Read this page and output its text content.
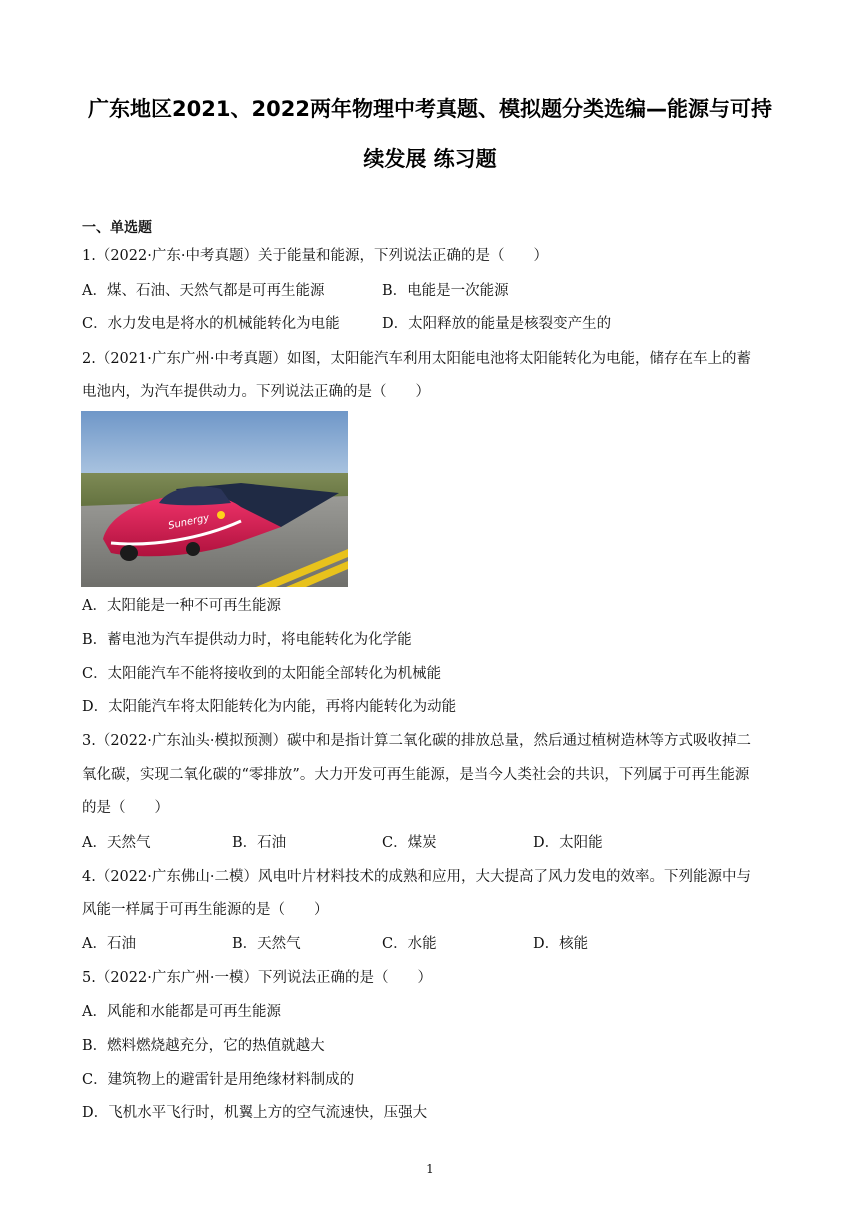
广东地区2021、2022两年物理中考真题、模拟题分类选编—能源与可持
续发展 练习题
一、单选题
1.（2022·广东·中考真题）关于能量和能源，下列说法正确的是（　　）
A．煤、石油、天然气都是可再生能源	B．电能是一次能源
C．水力发电是将水的机械能转化为电能	D．太阳释放的能量是核裂变产生的
2.（2021·广东广州·中考真题）如图，太阳能汽车利用太阳能电池将太阳能转化为电能，储存在车上的蓄
电池内，为汽车提供动力。下列说法正确的是（　　）
Sunergy
A．太阳能是一种不可再生能源
B．蓄电池为汽车提供动力时，将电能转化为化学能
C．太阳能汽车不能将接收到的太阳能全部转化为机械能
D．太阳能汽车将太阳能转化为内能，再将内能转化为动能
3.（2022·广东汕头·模拟预测）碳中和是指计算二氧化碳的排放总量，然后通过植树造林等方式吸收掉二
氧化碳，实现二氧化碳的“零排放”。大力开发可再生能源，是当今人类社会的共识，下列属于可再生能源
的是（　　）
A．天然气	B．石油	C．煤炭	D．太阳能
4.（2022·广东佛山·二模）风电叶片材料技术的成熟和应用，大大提高了风力发电的效率。下列能源中与
风能一样属于可再生能源的是（　　）
A．石油	B．天然气	C．水能	D．核能
5.（2022·广东广州·一模）下列说法正确的是（　　）
A．风能和水能都是可再生能源
B．燃料燃烧越充分，它的热值就越大
C．建筑物上的避雷针是用绝缘材料制成的
D．飞机水平飞行时，机翼上方的空气流速快，压强大
1
